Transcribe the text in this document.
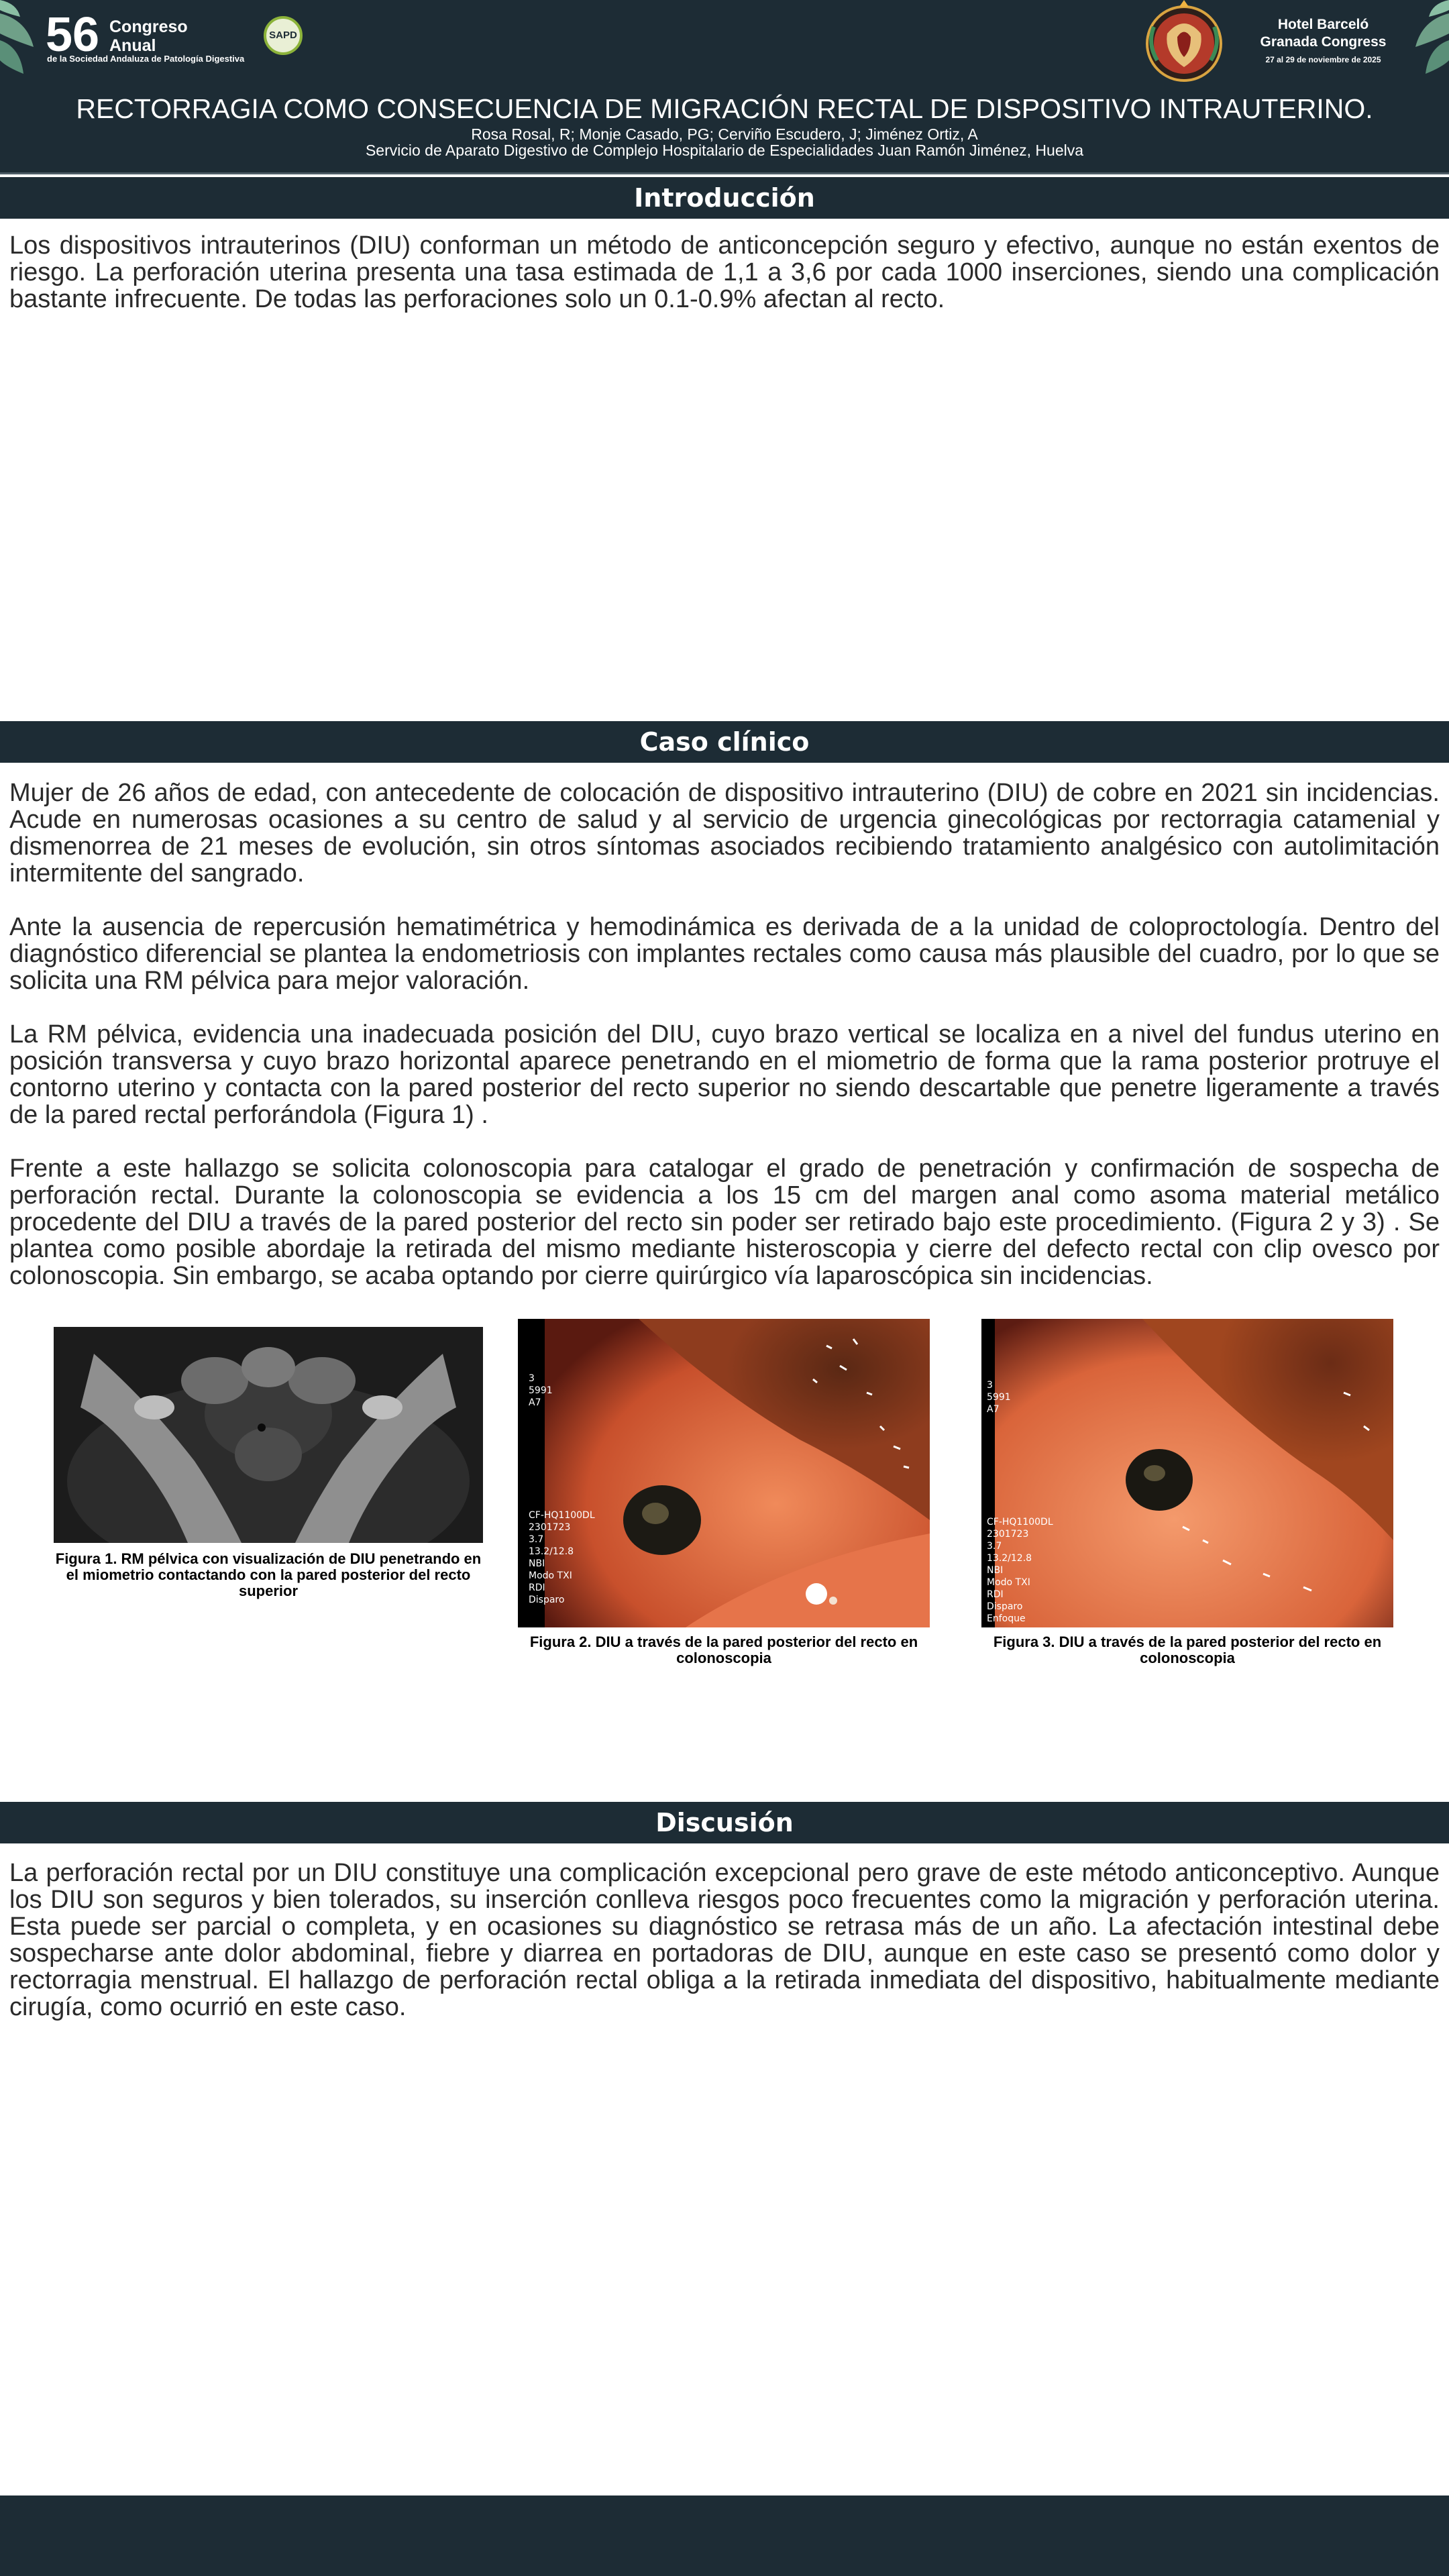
56 Congreso
Anual
de la Sociedad Andaluza de Patología Digestiva
SAPD
Hotel Barceló
Granada Congress
27 al 29 de noviembre de 2025
RECTORRAGIA COMO CONSECUENCIA DE MIGRACIÓN RECTAL DE DISPOSITIVO INTRAUTERINO.
Rosa Rosal, R; Monje Casado, PG; Cerviño Escudero, J; Jiménez Ortiz, A
Servicio de Aparato Digestivo de Complejo Hospitalario de Especialidades Juan Ramón Jiménez, Huelva
Introducción

Los dispositivos intrauterinos (DIU) conforman un método de anticoncepción seguro y efectivo, aunque no están exentos de riesgo. La perforación uterina presenta una tasa estimada de 1,1 a 3,6 por cada 1000 inserciones, siendo una complicación bastante infrecuente. De todas las perforaciones solo un 0.1-0.9% afectan al recto.

Caso clínico

Mujer de 26 años de edad, con antecedente de colocación de dispositivo intrauterino (DIU) de cobre en 2021 sin incidencias. Acude en numerosas ocasiones a su centro de salud y al servicio de urgencia ginecológicas por rectorragia catamenial y dismenorrea de 21 meses de evolución, sin otros síntomas asociados recibiendo tratamiento analgésico con autolimitación intermitente del sangrado.

Ante la ausencia de repercusión hematimétrica y hemodinámica es derivada de a la unidad de coloproctología. Dentro del diagnóstico diferencial se plantea la endometriosis con implantes rectales como causa más plausible del cuadro, por lo que se solicita una RM pélvica para mejor valoración.

La RM pélvica, evidencia una inadecuada posición del DIU, cuyo brazo vertical se localiza en a nivel del fundus uterino en posición transversa y cuyo brazo horizontal aparece penetrando en el miometrio de forma que la rama posterior protruye el contorno uterino y contacta con la pared posterior del recto superior no siendo descartable que penetre ligeramente a través de la pared rectal perforándola (Figura 1) .

Frente a este hallazgo se solicita colonoscopia para catalogar el grado de penetración y confirmación de sospecha de perforación rectal. Durante la colonoscopia se evidencia a los 15 cm del margen anal como asoma material metálico procedente del DIU a través de la pared posterior del recto sin poder ser retirado bajo este procedimiento. (Figura 2 y 3) . Se plantea como posible abordaje la retirada del mismo mediante histeroscopia y cierre del defecto rectal con clip ovesco por colonoscopia. Sin embargo, se acaba optando por cierre quirúrgico vía laparoscópica sin incidencias.

Figura 1. RM pélvica con visualización de DIU penetrando en el miometrio contactando con la pared posterior del recto superior
3
5991
A7
CF-HQ1100DL
2301723
3.7
13.2/12.8
NBI
Modo TXI
RDI
Disparo
Figura 2. DIU a través de la pared posterior del recto en colonoscopia
3
5991
A7
CF-HQ1100DL
2301723
3.7
13.2/12.8
NBI
Modo TXI
RDI
Disparo
Enfoque
Figura 3. DIU a través de la pared posterior del recto en colonoscopia
Discusión

La perforación rectal por un DIU constituye una complicación excepcional pero grave de este método anticonceptivo. Aunque los DIU son seguros y bien tolerados, su inserción conlleva riesgos poco frecuentes como la migración y perforación uterina. Esta puede ser parcial o completa, y en ocasiones su diagnóstico se retrasa más de un año. La afectación intestinal debe sospecharse ante dolor abdominal, fiebre y diarrea en portadoras de DIU, aunque en este caso se presentó como dolor y rectorragia menstrual. El hallazgo de perforación rectal obliga a la retirada inmediata del dispositivo, habitualmente mediante cirugía, como ocurrió en este caso.
